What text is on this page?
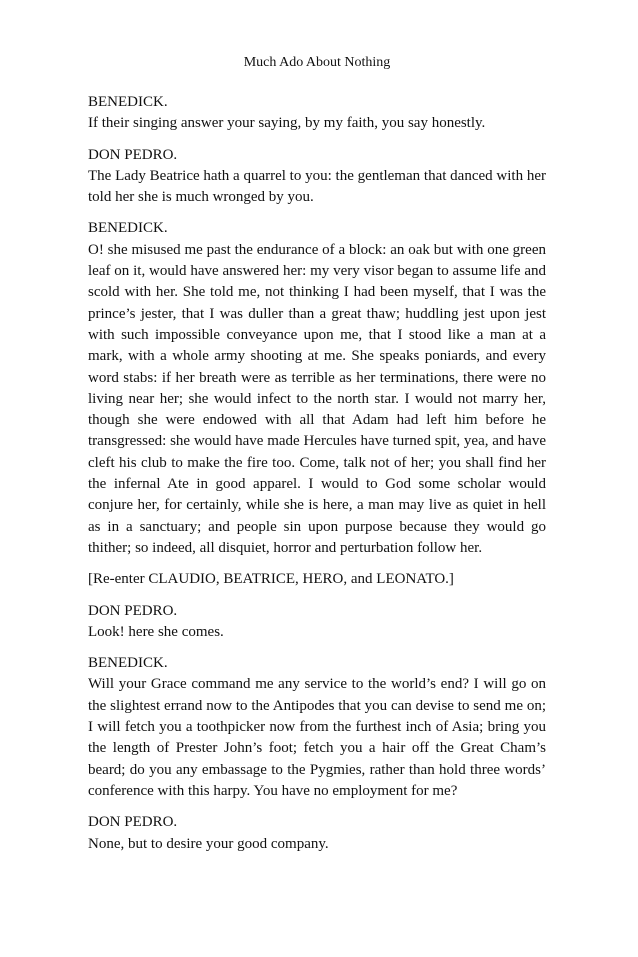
Much Ado About Nothing

BENEDICK.

If their singing answer your saying, by my faith, you say honestly.

DON PEDRO.

The Lady Beatrice hath a quarrel to you: the gentleman that danced with her told her she is much wronged by you.

BENEDICK.

O! she misused me past the endurance of a block: an oak but with one green leaf on it, would have answered her: my very visor began to assume life and scold with her. She told me, not thinking I had been myself, that I was the prince’s jester, that I was duller than a great thaw; huddling jest upon jest with such impossible conveyance upon me, that I stood like a man at a mark, with a whole army shooting at me. She speaks poniards, and every word stabs: if her breath were as terrible as her terminations, there were no living near her; she would infect to the north star. I would not marry her, though she were endowed with all that Adam had left him before he transgressed: she would have made Hercules have turned spit, yea, and have cleft his club to make the fire too. Come, talk not of her; you shall find her the infernal Ate in good apparel. I would to God some scholar would conjure her, for certainly, while she is here, a man may live as quiet in hell as in a sanctuary; and people sin upon purpose because they would go thither; so indeed, all disquiet, horror and perturbation follow her.

[Re-enter CLAUDIO, BEATRICE, HERO, and LEONATO.]

DON PEDRO.

Look! here she comes.

BENEDICK.

Will your Grace command me any service to the world’s end? I will go on the slightest errand now to the Antipodes that you can devise to send me on; I will fetch you a toothpicker now from the furthest inch of Asia; bring you the length of Prester John’s foot; fetch you a hair off the Great Cham’s beard; do you any embassage to the Pygmies, rather than hold three words’ conference with this harpy. You have no employment for me?

DON PEDRO.

None, but to desire your good company.
